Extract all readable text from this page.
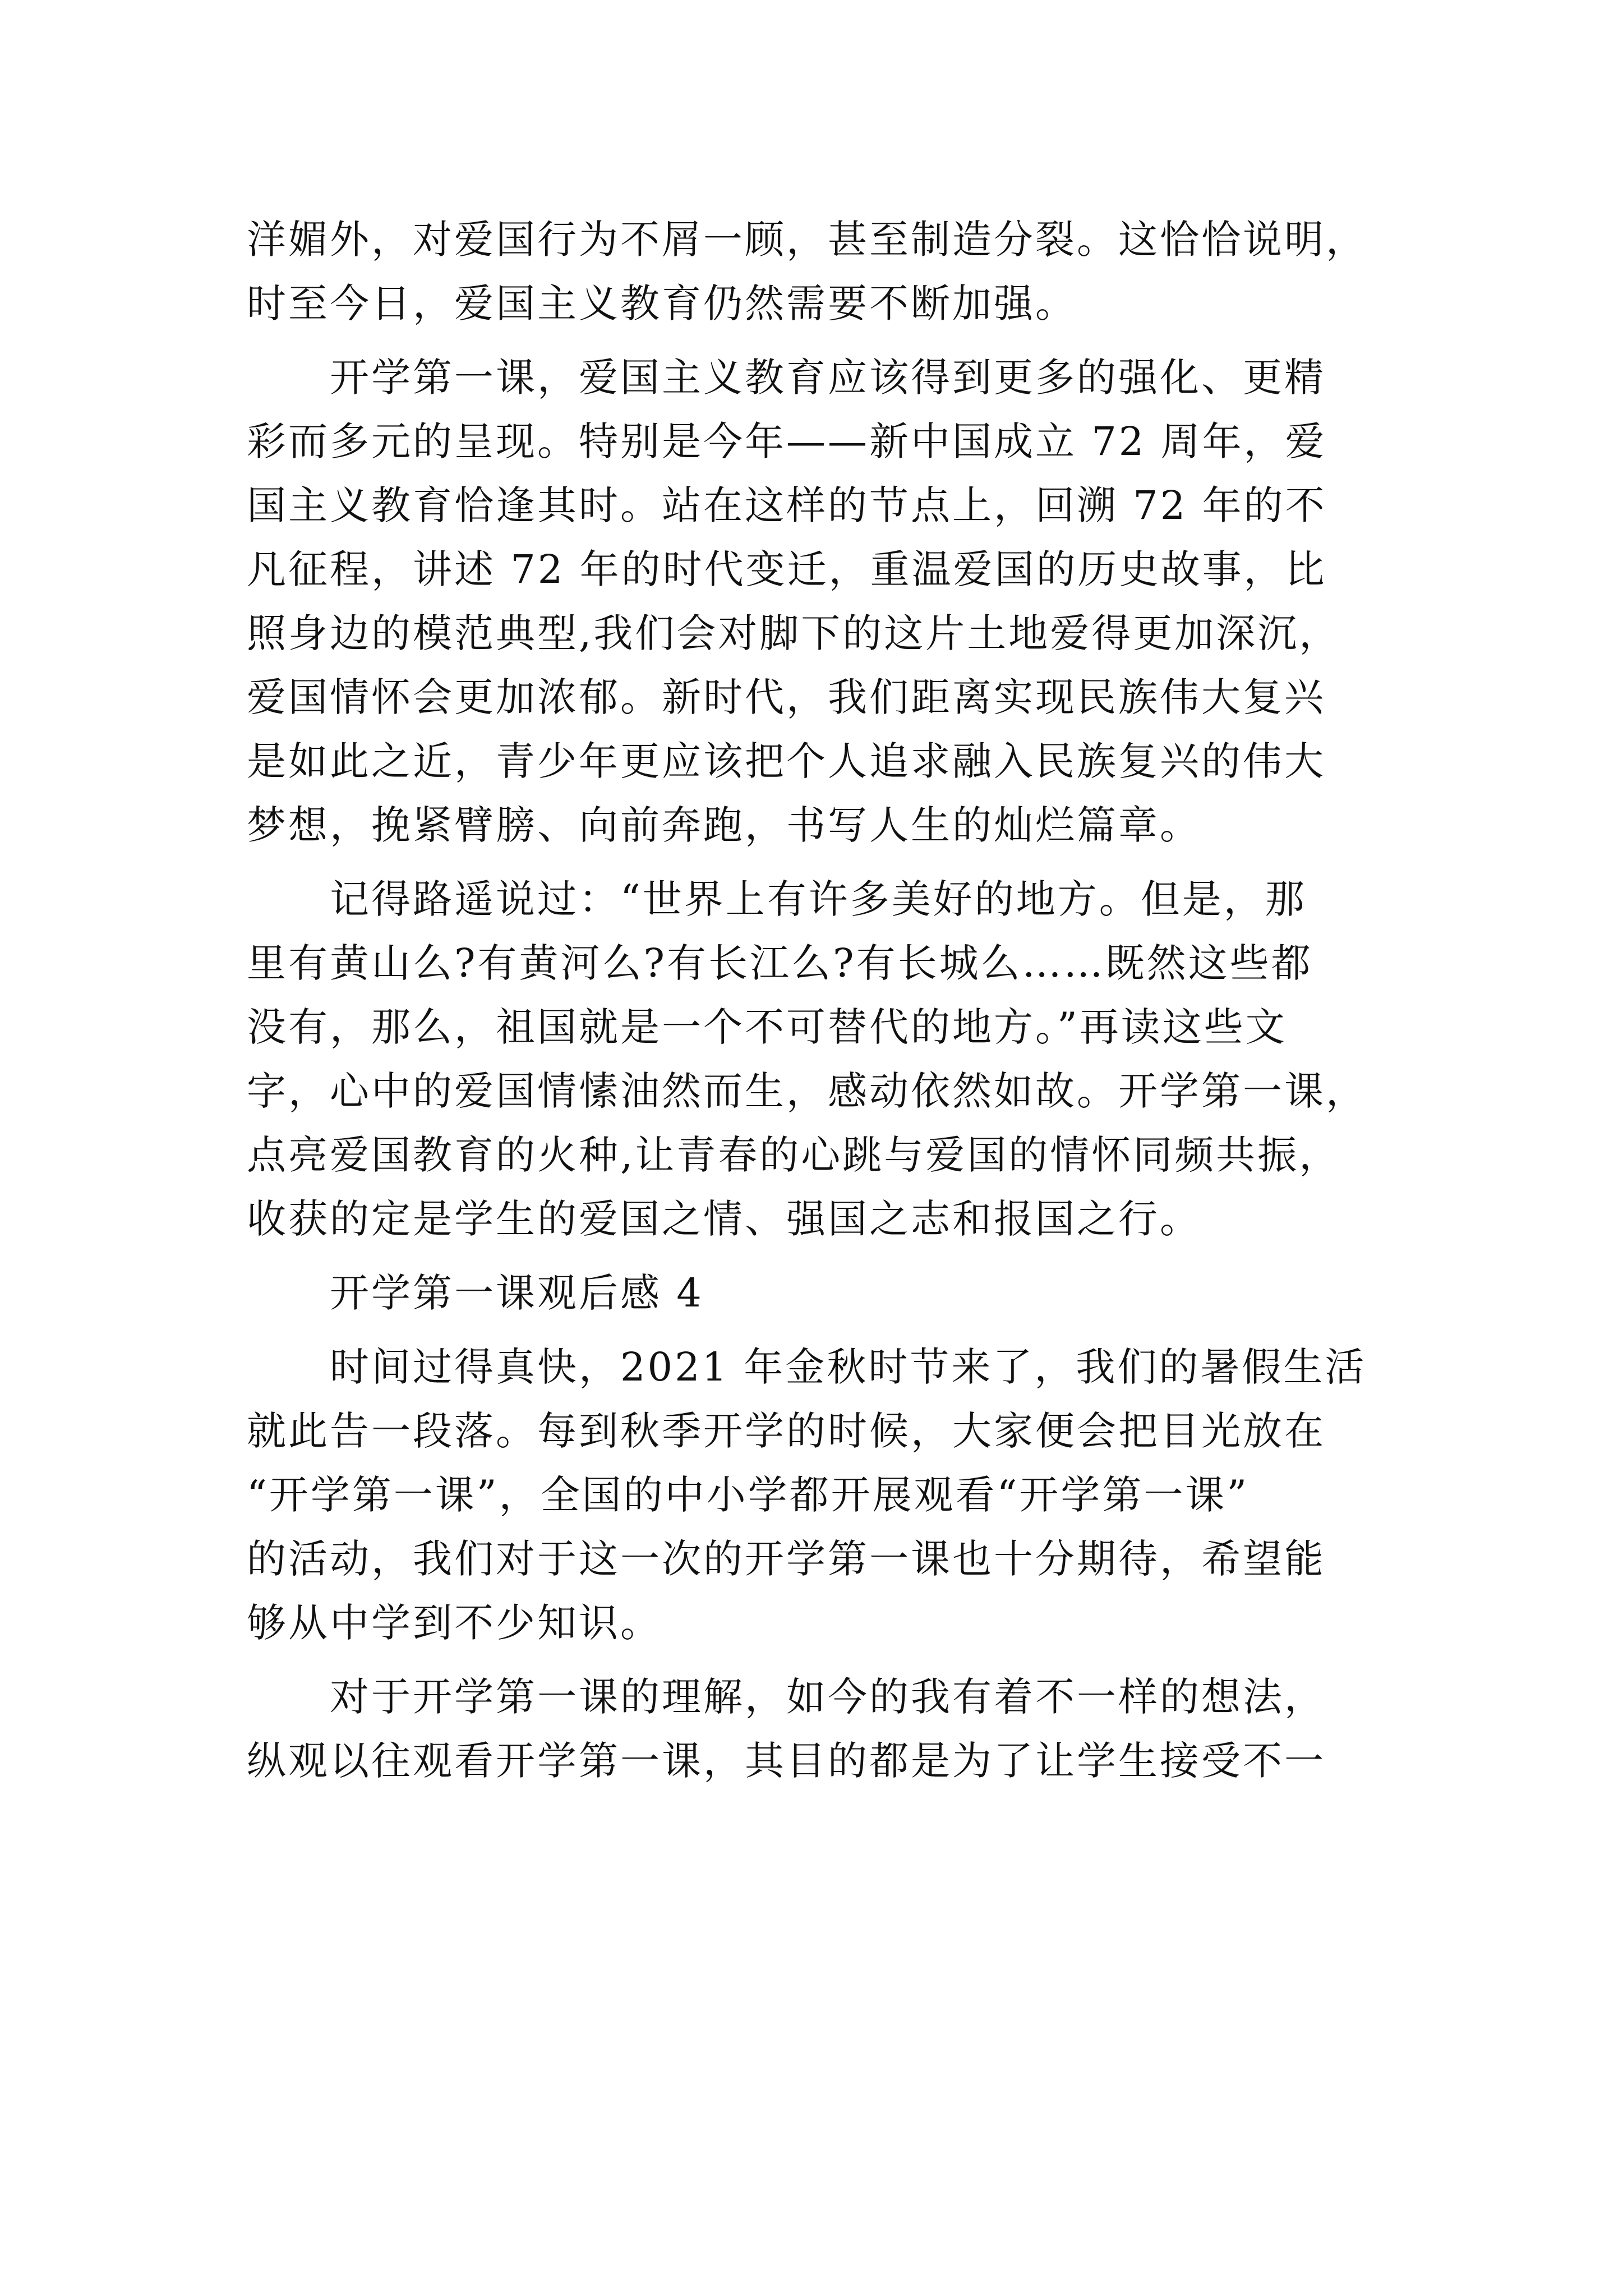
洋媚外，对爱国行为不屑一顾，甚至制造分裂。这恰恰说明，
时至今日，爱国主义教育仍然需要不断加强。
　　开学第一课，爱国主义教育应该得到更多的强化、更精
彩而多元的呈现。特别是今年——新中国成立 72 周年，爱
国主义教育恰逢其时。站在这样的节点上，回溯 72 年的不
凡征程，讲述 72 年的时代变迁，重温爱国的历史故事，比
照身边的模范典型,我们会对脚下的这片土地爱得更加深沉，
爱国情怀会更加浓郁。新时代，我们距离实现民族伟大复兴
是如此之近，青少年更应该把个人追求融入民族复兴的伟大
梦想，挽紧臂膀、向前奔跑，书写人生的灿烂篇章。
　　记得路遥说过：“世界上有许多美好的地方。但是，那
里有黄山么?有黄河么?有长江么?有长城么……既然这些都
没有，那么，祖国就是一个不可替代的地方。”再读这些文
字，心中的爱国情愫油然而生，感动依然如故。开学第一课，
点亮爱国教育的火种,让青春的心跳与爱国的情怀同频共振，
收获的定是学生的爱国之情、强国之志和报国之行。
　　开学第一课观后感 4
　　时间过得真快，2021 年金秋时节来了，我们的暑假生活
就此告一段落。每到秋季开学的时候，大家便会把目光放在
“开学第一课”，全国的中小学都开展观看“开学第一课”
的活动，我们对于这一次的开学第一课也十分期待，希望能
够从中学到不少知识。
　　对于开学第一课的理解，如今的我有着不一样的想法，
纵观以往观看开学第一课，其目的都是为了让学生接受不一
